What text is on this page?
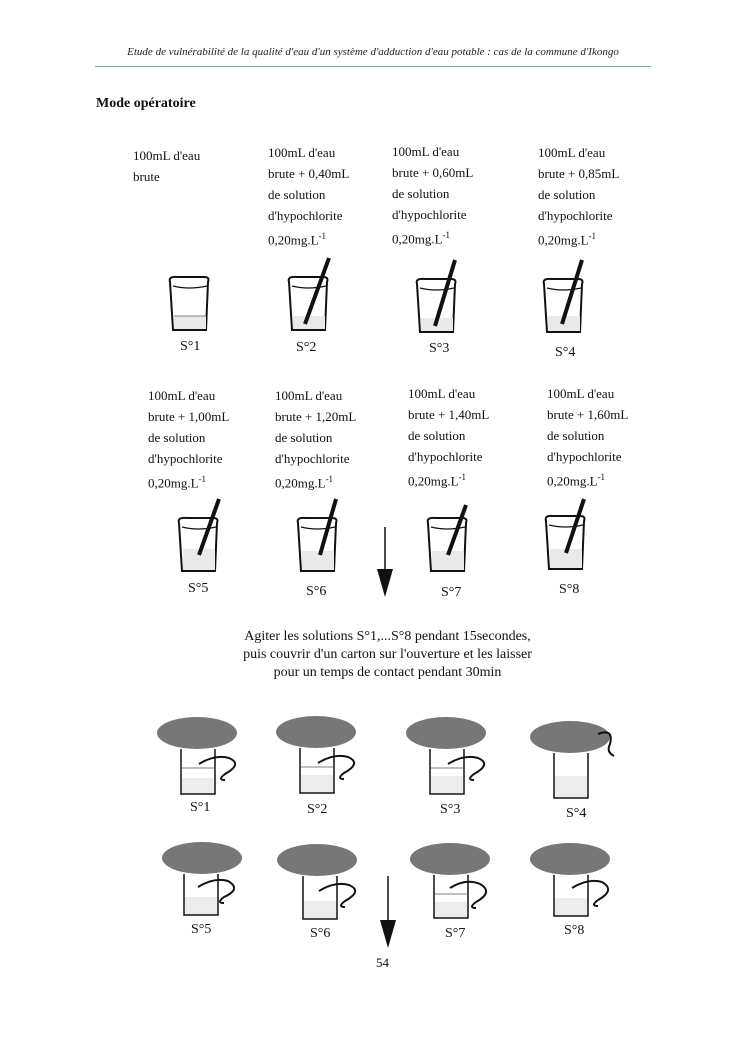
Etude de vulnérabilité de la qualité d'eau d'un système d'adduction d'eau potable : cas de la commune d'Ikongo
Mode opératoire
100mL d'eau
brute
100mL d'eau
brute + 0,40mL
de solution
d'hypochlorite
$0,20mg.L^{-1}$
100mL d'eau
brute + 0,60mL
de solution
d'hypochlorite
$0,20mg.L^{-1}$
100mL d'eau
brute + 0,85mL
de solution
d'hypochlorite
$0,20mg.L^{-1}$
S°1	S°2	S°3	S°4
100mL d'eau
brute + 1,00mL
de solution
d'hypochlorite
$0,20mg.L^{-1}$
100mL d'eau
brute + 1,20mL
de solution
d'hypochlorite
$0,20mg.L^{-1}$
100mL d'eau
brute + 1,40mL
de solution
d'hypochlorite
$0,20mg.L^{-1}$
100mL d'eau
brute + 1,60mL
de solution
d'hypochlorite
$0,20mg.L^{-1}$
S°5	S°6	S°7	S°8
Agiter les solutions S°1,...S°8 pendant 15secondes,
puis couvrir d'un carton sur l'ouverture et les laisser
pour un temps de contact pendant 30min
S°1	S°2	S°3	S°4
S°5	S°6	S°7	S°8
54
